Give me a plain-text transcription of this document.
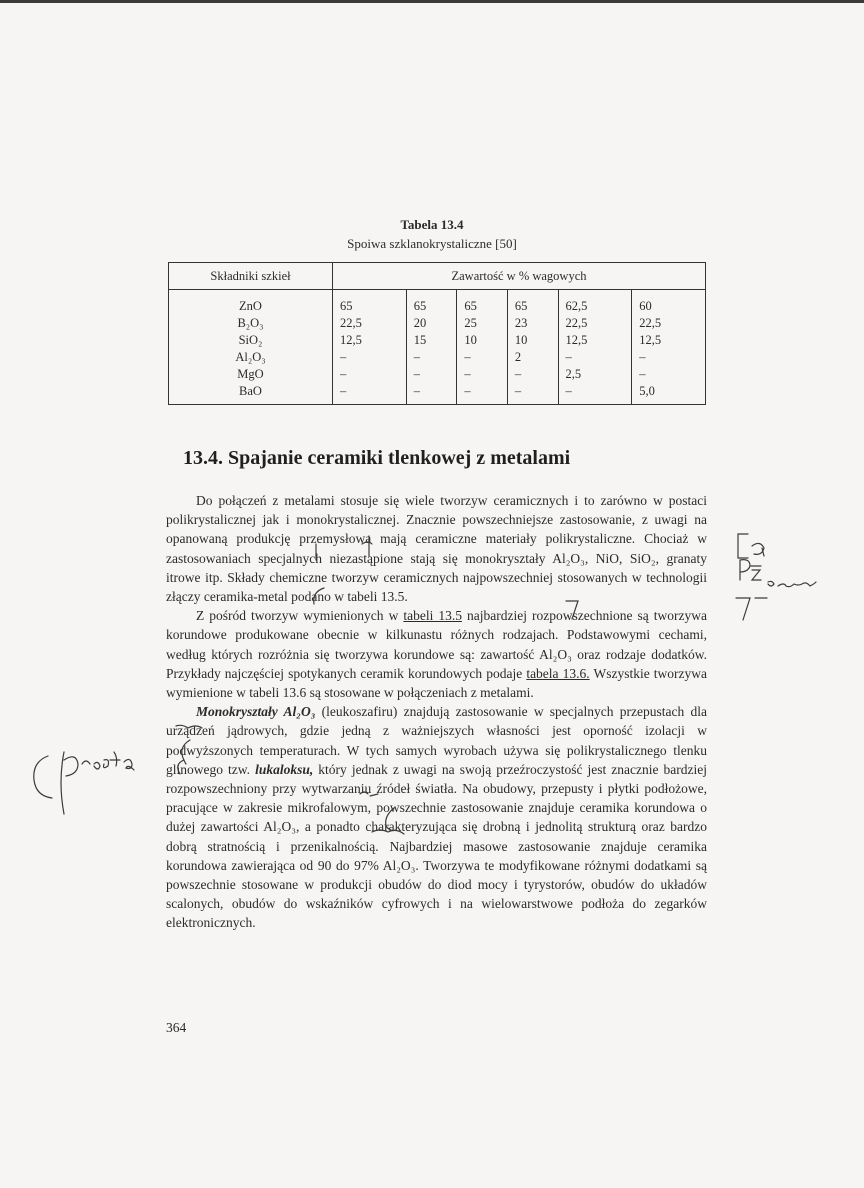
Tabela 13.4
Spoiwa szklanokrystaliczne [50]
Składniki szkieł	Zawartość w % wagowych					
ZnO	65	65	65	65	62,5	60
B₂O₃	22,5	20	25	23	22,5	22,5
SiO₂	12,5	15	10	10	12,5	12,5
Al₂O₃	–	–	–	2	–	–
MgO	–	–	–	–	2,5	–
BaO	–	–	–	–	–	5,0
13.4. Spajanie ceramiki tlenkowej z metalami

Do połączeń z metalami stosuje się wiele tworzyw ceramicznych i to zarówno w postaci polikrystalicznej jak i monokrystalicznej. Znacznie powszechniejsze zastosowanie, z uwagi na opanowaną produkcję przemysłowa mają ceramiczne materiały polikrystaliczne. Chociaż w zastosowaniach specjalnych niezastąpione stają się monokryształy Al₂O₃, NiO, SiO₂, granaty itrowe itp. Składy chemiczne tworzyw ceramicznych najpowszechniej stosowanych w technologii złączy ceramika-metal podano w tabeli 13.5.

Z pośród tworzyw wymienionych w tabeli 13.5 najbardziej rozpowszechnione są tworzywa korundowe produkowane obecnie w kilkunastu różnych rodzajach. Podstawowymi cechami, według których rozróżnia się tworzywa korundowe są: zawartość Al₂O₃ oraz rodzaje dodatków. Przykłady najczęściej spotykanych ceramik korundowych podaje tabela 13.6. Wszystkie tworzywa wymienione w tabeli 13.6 są stosowane w połączeniach z metalami.

Monokryształy Al₂O₃ (leukoszafiru) znajdują zastosowanie w specjalnych przepustach dla urządzeń jądrowych, gdzie jedną z ważniejszych własności jest oporność izolacji w podwyższonych temperaturach. W tych samych wyrobach używa się polikrystalicznego tlenku glinowego tzw. lukaloksu, który jednak z uwagi na swoją przeźroczystość jest znacznie bardziej rozpowszechniony przy wytwarzaniu źródeł światła. Na obudowy, przepusty i płytki podłożowe, pracujące w zakresie mikrofalowym, powszechnie zastosowanie znajduje ceramika korundowa o dużej zawartości Al₂O₃, a ponadto charakteryzująca się drobną i jednolitą strukturą oraz bardzo dobrą stratnością i przenikalnością. Najbardziej masowe zastosowanie znajduje ceramika korundowa zawierająca od 90 do 97% Al₂O₃. Tworzywa te modyfikowane różnymi dodatkami są powszechnie stosowane w produkcji obudów do diod mocy i tyrystorów, obudów do układów scalonych, obudów do wskaźników cyfrowych i na wielowarstwowe podłoża do zegarków elektronicznych.

364
